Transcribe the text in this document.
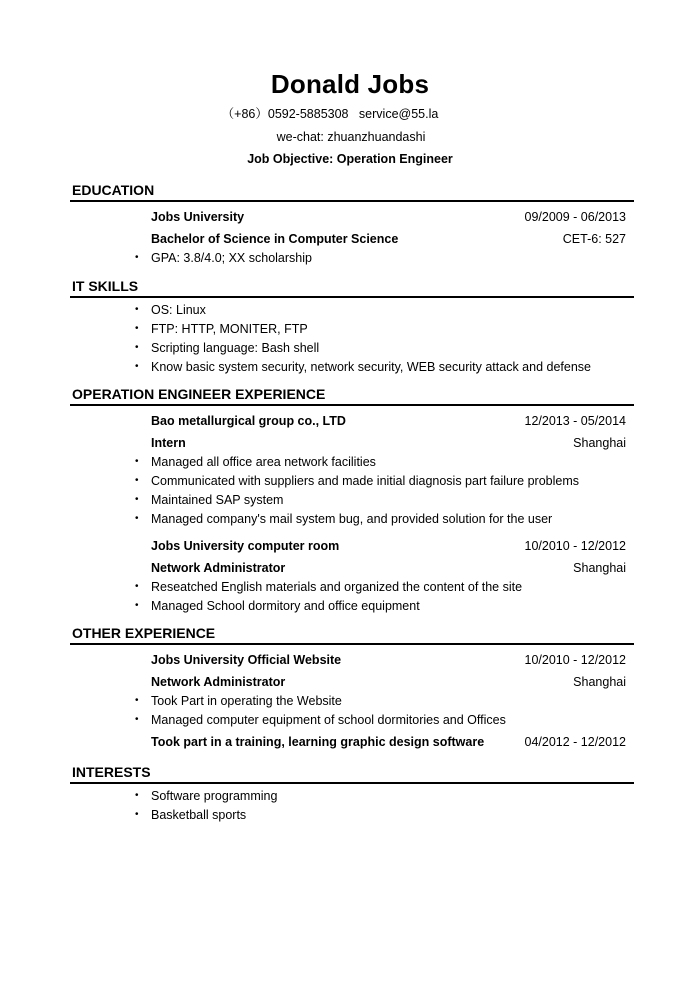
Donald Jobs
（+86）0592-5885308   service@55.la
we-chat: zhuanzhuandashi
Job Objective: Operation Engineer
EDUCATION
Jobs University	09/2009 - 06/2013
Bachelor of Science in Computer Science	CET-6: 527
• GPA: 3.8/4.0; XX scholarship
IT SKILLS
• OS: Linux
• FTP: HTTP, MONITER, FTP
• Scripting language: Bash shell
• Know basic system security, network security, WEB security attack and defense
OPERATION ENGINEER EXPERIENCE
Bao metallurgical group co., LTD	12/2013 - 05/2014
Intern	Shanghai
• Managed all office area network facilities
• Communicated with suppliers and made initial diagnosis part failure problems
• Maintained SAP system
• Managed company's mail system bug, and provided solution for the user
Jobs University computer room	10/2010 - 12/2012
Network Administrator	Shanghai
• Reseatched English materials and organized the content of the site
• Managed School dormitory and office equipment
OTHER EXPERIENCE
Jobs University Official Website	10/2010 - 12/2012
Network Administrator	Shanghai
• Took Part in operating the Website
• Managed computer equipment of school dormitories and Offices
Took part in a training, learning graphic design software	04/2012 - 12/2012
INTERESTS
• Software programming
• Basketball sports
